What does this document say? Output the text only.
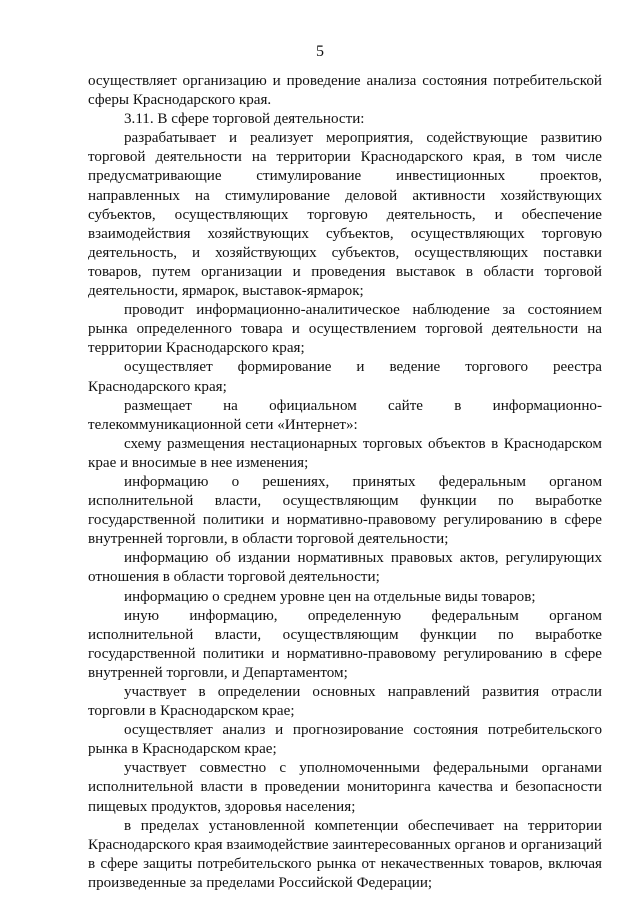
5

осуществляет организацию и проведение анализа состояния потребительской сферы Краснодарского края.

3.11. В сфере торговой деятельности:

разрабатывает и реализует мероприятия, содействующие развитию торговой деятельности на территории Краснодарского края, в том числе предусматривающие стимулирование инвестиционных проектов, направленных на стимулирование деловой активности хозяйствующих субъектов, осуществляющих торговую деятельность, и обеспечение взаимодействия хозяйствующих субъектов, осуществляющих торговую деятельность, и хозяйствующих субъектов, осуществляющих поставки товаров, путем организации и проведения выставок в области торговой деятельности, ярмарок, выставок-ярмарок;

проводит информационно-аналитическое наблюдение за состоянием рынка определенного товара и осуществлением торговой деятельности на территории Краснодарского края;

осуществляет формирование и ведение торгового реестра Краснодарского края;

размещает на официальном сайте в информационно-телекоммуникационной сети «Интернет»:

схему размещения нестационарных торговых объектов в Краснодарском крае и вносимые в нее изменения;

информацию о решениях, принятых федеральным органом исполнительной власти, осуществляющим функции по выработке государственной политики и нормативно-правовому регулированию в сфере внутренней торговли, в области торговой деятельности;

информацию об издании нормативных правовых актов, регулирующих отношения в области торговой деятельности;

информацию о среднем уровне цен на отдельные виды товаров;

иную информацию, определенную федеральным органом исполнительной власти, осуществляющим функции по выработке государственной политики и нормативно-правовому регулированию в сфере внутренней торговли, и Департаментом;

участвует в определении основных направлений развития отрасли торговли в Краснодарском крае;

осуществляет анализ и прогнозирование состояния потребительского рынка в Краснодарском крае;

участвует совместно с уполномоченными федеральными органами исполнительной власти в проведении мониторинга качества и безопасности пищевых продуктов, здоровья населения;

в пределах установленной компетенции обеспечивает на территории Краснодарского края взаимодействие заинтересованных органов и организаций в сфере защиты потребительского рынка от некачественных товаров, включая произведенные за пределами Российской Федерации;
